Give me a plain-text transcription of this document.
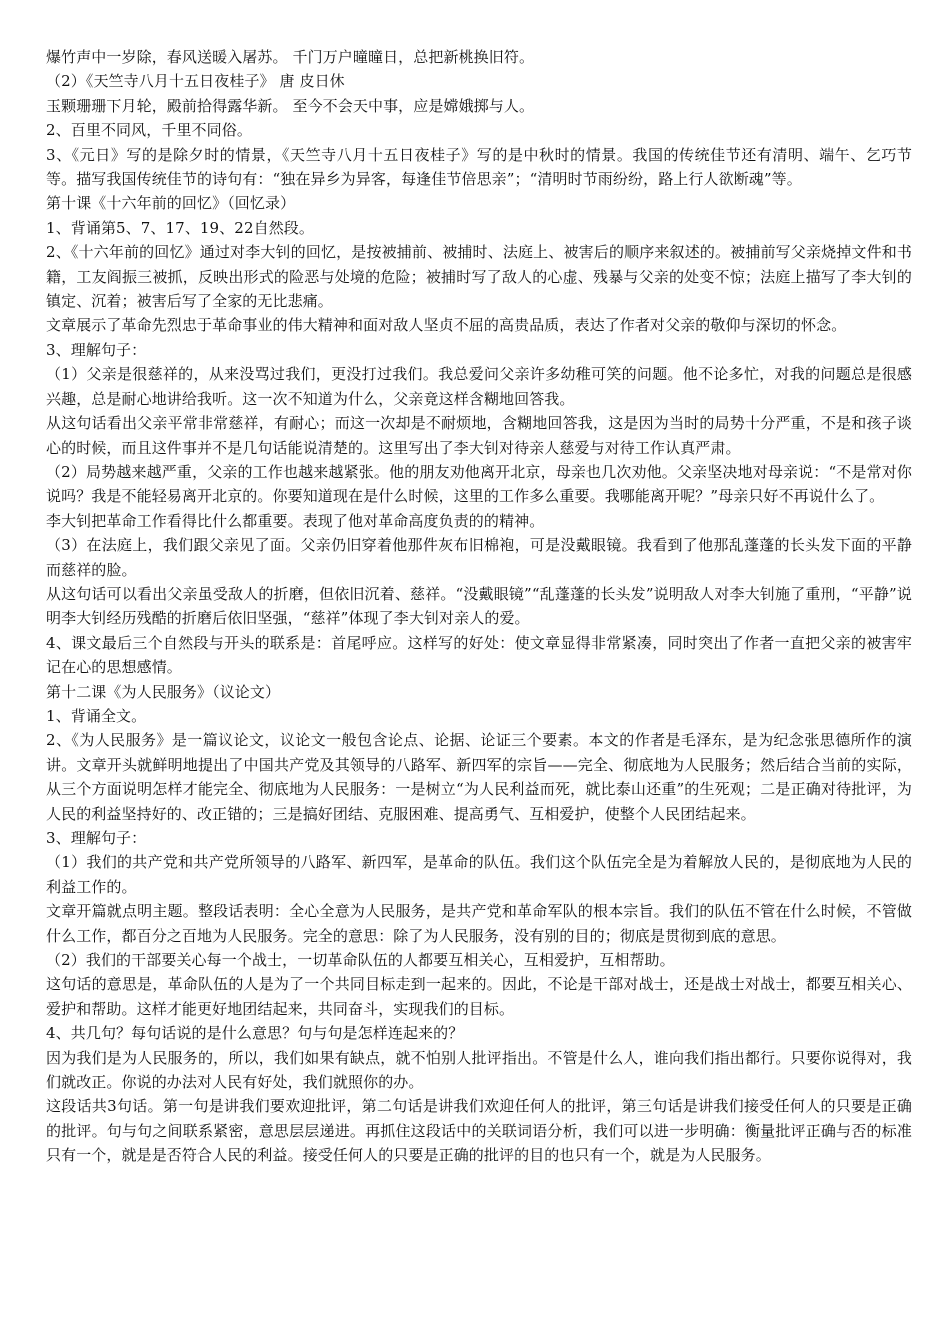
爆竹声中一岁除，春风送暖入屠苏。 千门万户曈曈日，总把新桃换旧符。

（2）《天竺寺八月十五日夜桂子》 唐 皮日休

玉颗珊珊下月轮，殿前拾得露华新。 至今不会天中事，应是嫦娥掷与人。

2、百里不同风，千里不同俗。

3、《元日》写的是除夕时的情景，《天竺寺八月十五日夜桂子》写的是中秋时的情景。我国的传统佳节还有清明、端午、乞巧节等。描写我国传统佳节的诗句有：“独在异乡为异客，每逢佳节倍思亲”；“清明时节雨纷纷，路上行人欲断魂”等。

第十课《十六年前的回忆》（回忆录）

1、背诵第5、7、17、19、22自然段。

2、《十六年前的回忆》通过对李大钊的回忆，是按被捕前、被捕时、法庭上、被害后的顺序来叙述的。被捕前写父亲烧掉文件和书籍，工友阎振三被抓，反映出形式的险恶与处境的危险；被捕时写了敌人的心虚、残暴与父亲的处变不惊；法庭上描写了李大钊的镇定、沉着；被害后写了全家的无比悲痛。

文章展示了革命先烈忠于革命事业的伟大精神和面对敌人坚贞不屈的高贵品质，表达了作者对父亲的敬仰与深切的怀念。

3、理解句子：

（1）父亲是很慈祥的，从来没骂过我们，更没打过我们。我总爱问父亲许多幼稚可笑的问题。他不论多忙，对我的问题总是很感兴趣，总是耐心地讲给我听。这一次不知道为什么，父亲竟这样含糊地回答我。

从这句话看出父亲平常非常慈祥，有耐心；而这一次却是不耐烦地，含糊地回答我，这是因为当时的局势十分严重，不是和孩子谈心的时候，而且这件事并不是几句话能说清楚的。这里写出了李大钊对待亲人慈爱与对待工作认真严肃。

（2）局势越来越严重，父亲的工作也越来越紧张。他的朋友劝他离开北京，母亲也几次劝他。父亲坚决地对母亲说：“不是常对你说吗？我是不能轻易离开北京的。你要知道现在是什么时候，这里的工作多么重要。我哪能离开呢？”母亲只好不再说什么了。

李大钊把革命工作看得比什么都重要。表现了他对革命高度负责的的精神。

（3）在法庭上，我们跟父亲见了面。父亲仍旧穿着他那件灰布旧棉袍，可是没戴眼镜。我看到了他那乱蓬蓬的长头发下面的平静而慈祥的脸。

从这句话可以看出父亲虽受敌人的折磨，但依旧沉着、慈祥。“没戴眼镜”“乱蓬蓬的长头发”说明敌人对李大钊施了重刑，“平静”说明李大钊经历残酷的折磨后依旧坚强，“慈祥”体现了李大钊对亲人的爱。

4、课文最后三个自然段与开头的联系是：首尾呼应。这样写的好处：使文章显得非常紧凑，同时突出了作者一直把父亲的被害牢记在心的思想感情。

第十二课《为人民服务》（议论文）

1、背诵全文。

2、《为人民服务》是一篇议论文，议论文一般包含论点、论据、论证三个要素。本文的作者是毛泽东，是为纪念张思德所作的演讲。文章开头就鲜明地提出了中国共产党及其领导的八路军、新四军的宗旨——完全、彻底地为人民服务；然后结合当前的实际，从三个方面说明怎样才能完全、彻底地为人民服务：一是树立“为人民利益而死，就比泰山还重”的生死观；二是正确对待批评，为人民的利益坚持好的、改正错的；三是搞好团结、克服困难、提高勇气、互相爱护，使整个人民团结起来。

3、理解句子：

（1）我们的共产党和共产党所领导的八路军、新四军，是革命的队伍。我们这个队伍完全是为着解放人民的，是彻底地为人民的利益工作的。

文章开篇就点明主题。整段话表明：全心全意为人民服务，是共产党和革命军队的根本宗旨。我们的队伍不管在什么时候，不管做什么工作，都百分之百地为人民服务。完全的意思：除了为人民服务，没有别的目的；彻底是贯彻到底的意思。

（2）我们的干部要关心每一个战士，一切革命队伍的人都要互相关心，互相爱护，互相帮助。

这句话的意思是，革命队伍的人是为了一个共同目标走到一起来的。因此，不论是干部对战士，还是战士对战士，都要互相关心、爱护和帮助。这样才能更好地团结起来，共同奋斗，实现我们的目标。

4、共几句？每句话说的是什么意思？句与句是怎样连起来的？

因为我们是为人民服务的，所以，我们如果有缺点，就不怕别人批评指出。不管是什么人，谁向我们指出都行。只要你说得对，我们就改正。你说的办法对人民有好处，我们就照你的办。

这段话共3句话。第一句是讲我们要欢迎批评，第二句话是讲我们欢迎任何人的批评，第三句话是讲我们接受任何人的只要是正确的批评。句与句之间联系紧密，意思层层递进。再抓住这段话中的关联词语分析，我们可以进一步明确：衡量批评正确与否的标准只有一个，就是是否符合人民的利益。接受任何人的只要是正确的批评的目的也只有一个，就是为人民服务。
